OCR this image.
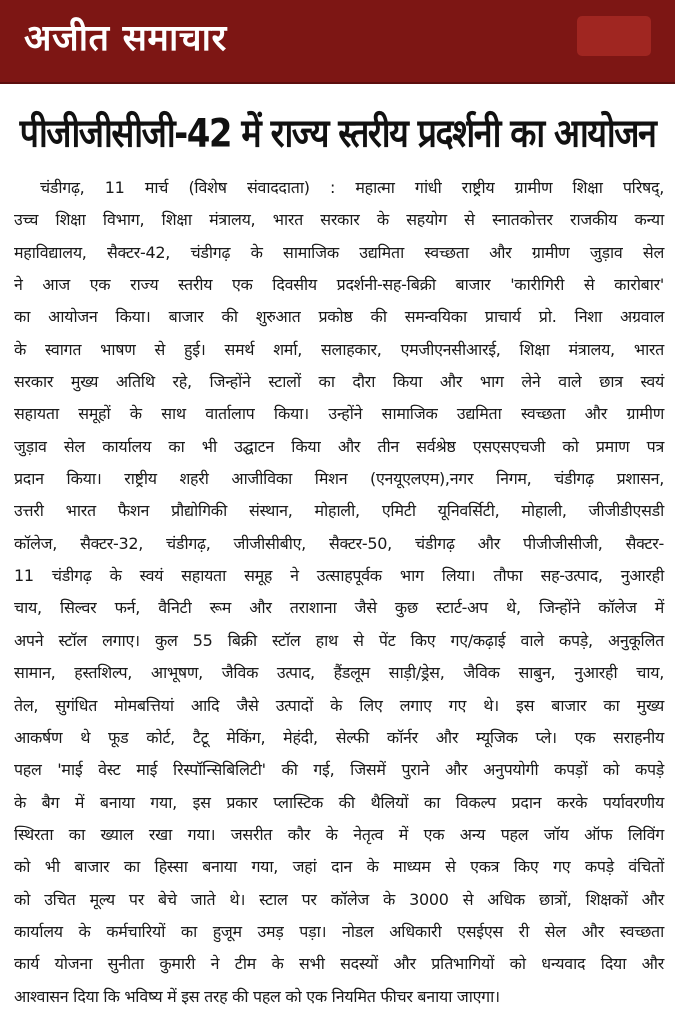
अजीत समाचार
पीजीजीसीजी-42 में राज्य स्तरीय प्रदर्शनी का आयोजन
चंडीगढ़, 11 मार्च (विशेष संवाददाता) : महात्मा गांधी राष्ट्रीय ग्रामीण शिक्षा परिषद्,
उच्च शिक्षा विभाग, शिक्षा मंत्रालय, भारत सरकार के सहयोग से स्नातकोत्तर राजकीय कन्या
महाविद्यालय, सैक्टर-42, चंडीगढ़ के सामाजिक उद्यमिता स्वच्छता और ग्रामीण जुड़ाव सेल
ने आज एक राज्य स्तरीय एक दिवसीय प्रदर्शनी-सह-बिक्री बाजार 'कारीगिरी से कारोबार'
का आयोजन किया। बाजार की शुरुआत प्रकोष्ठ की समन्वयिका प्राचार्य प्रो. निशा अग्रवाल
के स्वागत भाषण से हुई। समर्थ शर्मा, सलाहकार, एमजीएनसीआरई, शिक्षा मंत्रालय, भारत
सरकार मुख्य अतिथि रहे, जिन्होंने स्टालों का दौरा किया और भाग लेने वाले छात्र स्वयं
सहायता समूहों के साथ वार्तालाप किया। उन्होंने सामाजिक उद्यमिता स्वच्छता और ग्रामीण
जुड़ाव सेल कार्यालय का भी उद्घाटन किया और तीन सर्वश्रेष्ठ एसएसएचजी को प्रमाण पत्र
प्रदान किया। राष्ट्रीय शहरी आजीविका मिशन (एनयूएलएम),नगर निगम, चंडीगढ़ प्रशासन,
उत्तरी भारत फैशन प्रौद्योगिकी संस्थान, मोहाली, एमिटी यूनिवर्सिटी, मोहाली, जीजीडीएसडी
कॉलेज, सैक्टर-32, चंडीगढ़, जीजीसीबीए, सैक्टर-50, चंडीगढ़ और पीजीजीसीजी, सैक्टर-
11 चंडीगढ़ के स्वयं सहायता समूह ने उत्साहपूर्वक भाग लिया। तौफा सह-उत्पाद, नुआरही
चाय, सिल्वर फर्न, वैनिटी रूम और तराशाना जैसे कुछ स्टार्ट-अप थे, जिन्होंने कॉलेज में
अपने स्टॉल लगाए। कुल 55 बिक्री स्टॉल हाथ से पेंट किए गए/कढ़ाई वाले कपड़े, अनुकूलित
सामान, हस्तशिल्प, आभूषण, जैविक उत्पाद, हैंडलूम साड़ी/ड्रेस, जैविक साबुन, नुआरही चाय,
तेल, सुगंधित मोमबत्तियां आदि जैसे उत्पादों के लिए लगाए गए थे। इस बाजार का मुख्य
आकर्षण थे फूड कोर्ट, टैटू मेकिंग, मेहंदी, सेल्फी कॉर्नर और म्यूजिक प्ले। एक सराहनीय
पहल 'माई वेस्ट माई रिस्पॉन्सिबिलिटी' की गई, जिसमें पुराने और अनुपयोगी कपड़ों को कपड़े
के बैग में बनाया गया, इस प्रकार प्लास्टिक की थैलियों का विकल्प प्रदान करके पर्यावरणीय
स्थिरता का ख्याल रखा गया। जसरीत कौर के नेतृत्व में एक अन्य पहल जॉय ऑफ लिविंग
को भी बाजार का हिस्सा बनाया गया, जहां दान के माध्यम से एकत्र किए गए कपड़े वंचितों
को उचित मूल्य पर बेचे जाते थे। स्टाल पर कॉलेज के 3000 से अधिक छात्रों, शिक्षकों और
कार्यालय के कर्मचारियों का हुजूम उमड़ पड़ा। नोडल अधिकारी एसईएस री सेल और स्वच्छता
कार्य योजना सुनीता कुमारी ने टीम के सभी सदस्यों और प्रतिभागियों को धन्यवाद दिया और
आश्वासन दिया कि भविष्य में इस तरह की पहल को एक नियमित फीचर बनाया जाएगा।
